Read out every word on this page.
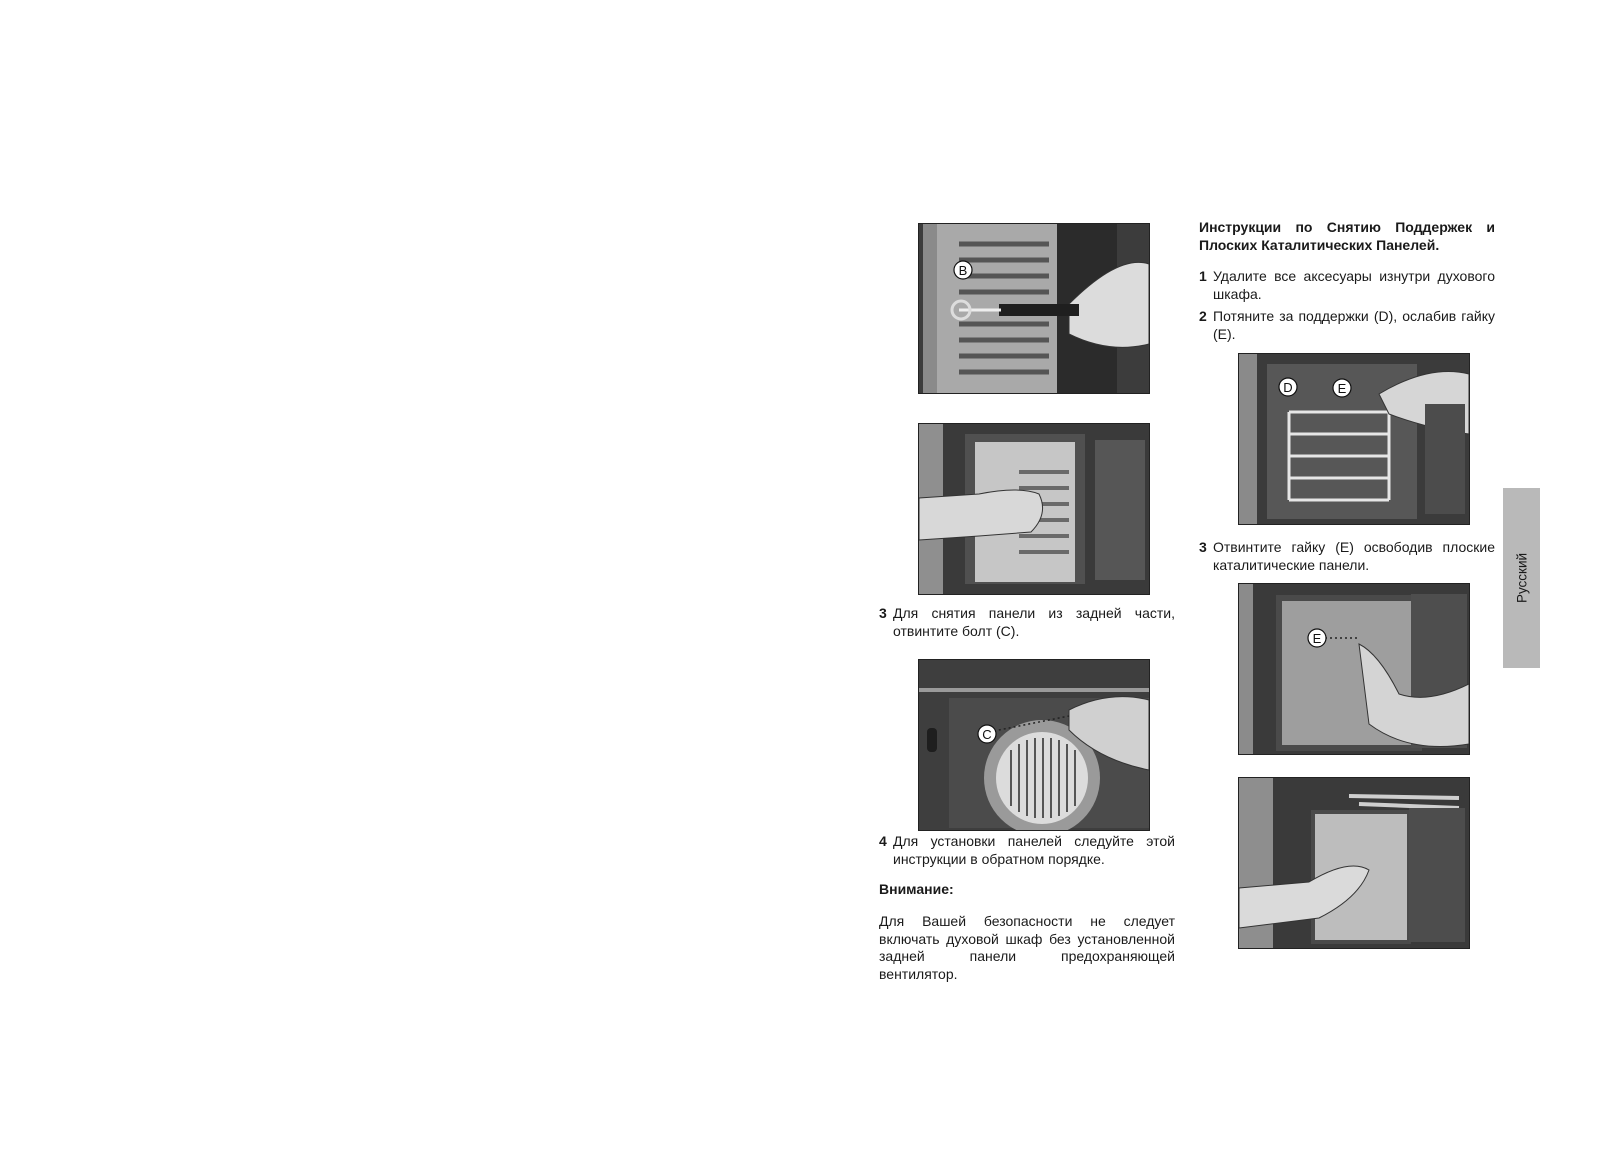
B
C
3 Для снятия панели из задней части, отвинтите болт (C).
4 Для установки панелей следуйте этой инструкции в обратном порядке.
Внимание:
Для Вашей безопасности не следует включать духовой шкаф без установленной задней панели предохраняющей вентилятор.
Инструкции по Снятию Поддержек и Плоских Каталитических Панелей.
1 Удалите все аксесуары изнутри духового шкафа.
2 Потяните за поддержки (D), ослабив гайку (E).
D	E
3 Отвинтите гайку (E) освободив плоские каталитические панели.
E
Русский
